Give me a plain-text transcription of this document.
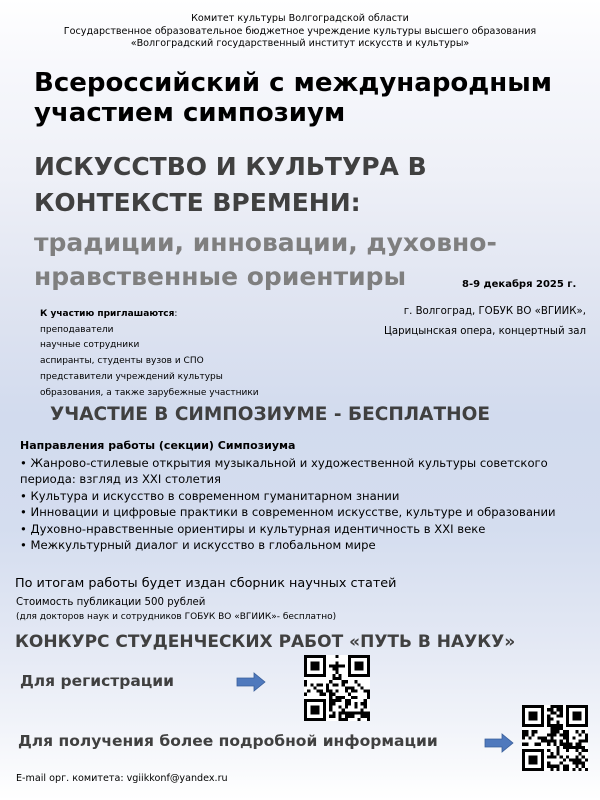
Комитет культуры Волгоградской области
Государственное образовательное бюджетное учреждение культуры высшего образования
«Волгоградский государственный институт искусств и культуры»
Всероссийский с международным
участием симпозиум
ИСКУССТВО И КУЛЬТУРА В
КОНТЕКСТЕ ВРЕМЕНИ:
традиции, инновации, духовно-
нравственные ориентиры	8-9 декабря 2025 г.
г. Волгоград, ГОБУК ВО «ВГИИК»,
Царицынская опера, концертный зал
К участию приглашаются:
преподаватели
научные сотрудники
аспиранты, студенты вузов и СПО
представители учреждений культуры
образования, а также зарубежные участники
УЧАСТИЕ В СИМПОЗИУМЕ - БЕСПЛАТНОЕ
Направления работы (секции) Симпозиума
• Жанрово-стилевые открытия музыкальной и художественной культуры советского периода: взгляд из XXI столетия
• Культура и искусство в современном гуманитарном знании
• Инновации и цифровые практики в современном искусстве, культуре и образовании
• Духовно-нравственные ориентиры и культурная идентичность в XXI веке
• Межкультурный диалог и искусство в глобальном мире
По итогам работы будет издан сборник научных статей
Стоимость публикации 500 рублей
(для докторов наук и сотрудников ГОБУК ВО «ВГИИК»- бесплатно)
КОНКУРС СТУДЕНЧЕСКИХ РАБОТ «ПУТЬ В НАУКУ»
Для регистрации
Для получения более подробной информации
E-mail орг. комитета: vgiikkonf@yandex.ru
